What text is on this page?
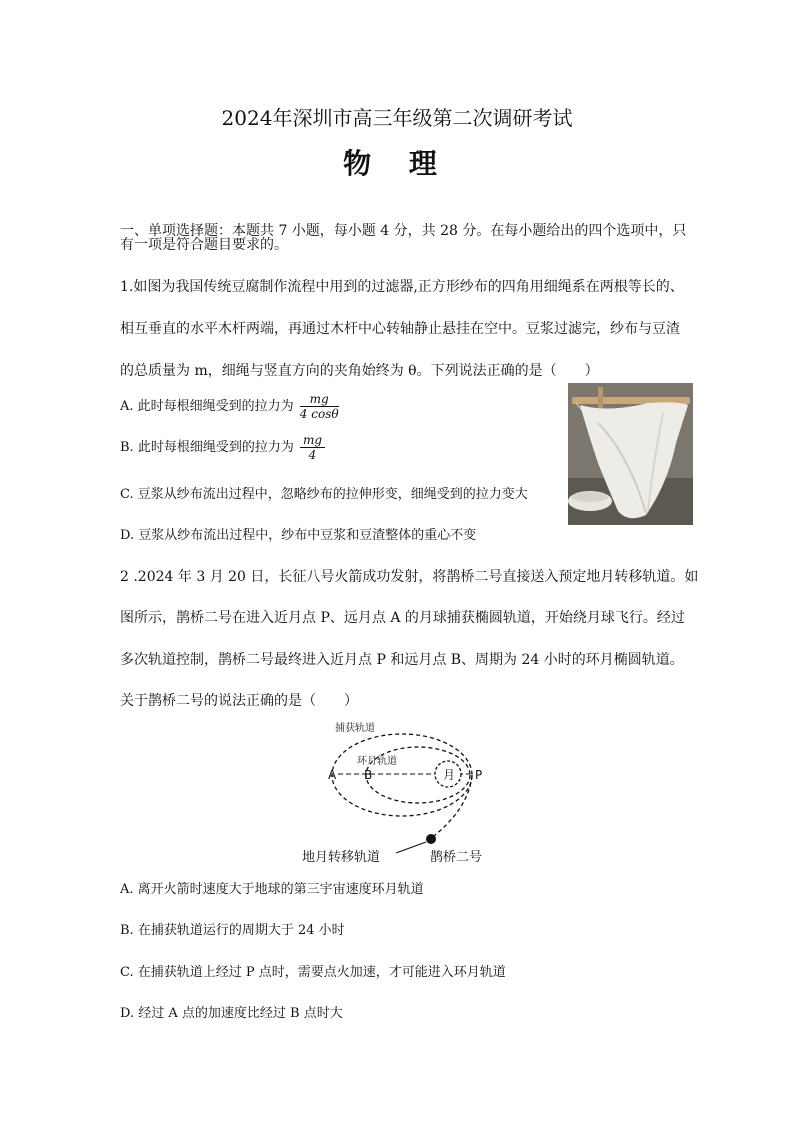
2024年深圳市高三年级第二次调研考试
物 理
一、单项选择题：本题共 7 小题，每小题 4 分，共 28 分。在每小题给出的四个选项中，只
有一项是符合题目要求的。
1.如图为我国传统豆腐制作流程中用到的过滤器,正方形纱布的四角用细绳系在两根等长的、
相互垂直的水平木杆两端，再通过木杆中心转轴静止悬挂在空中。豆浆过滤完，纱布与豆渣
的总质量为 m，细绳与竖直方向的夹角始终为 θ。下列说法正确的是（　　）
A. 此时每根细绳受到的拉力为 $\frac{mg}{4 \cos\theta}$
B. 此时每根细绳受到的拉力为 $\frac{mg}{4}$
C. 豆浆从纱布流出过程中，忽略纱布的拉伸形变，细绳受到的拉力变大
D. 豆浆从纱布流出过程中，纱布中豆浆和豆渣整体的重心不变
2 .2024 年 3 月 20 日，长征八号火箭成功发射，将鹊桥二号直接送入预定地月转移轨道。如
图所示，鹊桥二号在进入近月点 P、远月点 A 的月球捕获椭圆轨道，开始绕月球飞行。经过
多次轨道控制，鹊桥二号最终进入近月点 P 和远月点 B、周期为 24 小时的环月椭圆轨道。
关于鹊桥二号的说法正确的是（　　）
捕获轨道
环月轨道
月
A B	P
地月转移轨道	鹊桥二号
A. 离开火箭时速度大于地球的第三宇宙速度环月轨道
B. 在捕获轨道运行的周期大于 24 小时
C. 在捕获轨道上经过 P 点时，需要点火加速，才可能进入环月轨道
D. 经过 A 点的加速度比经过 B 点时大
